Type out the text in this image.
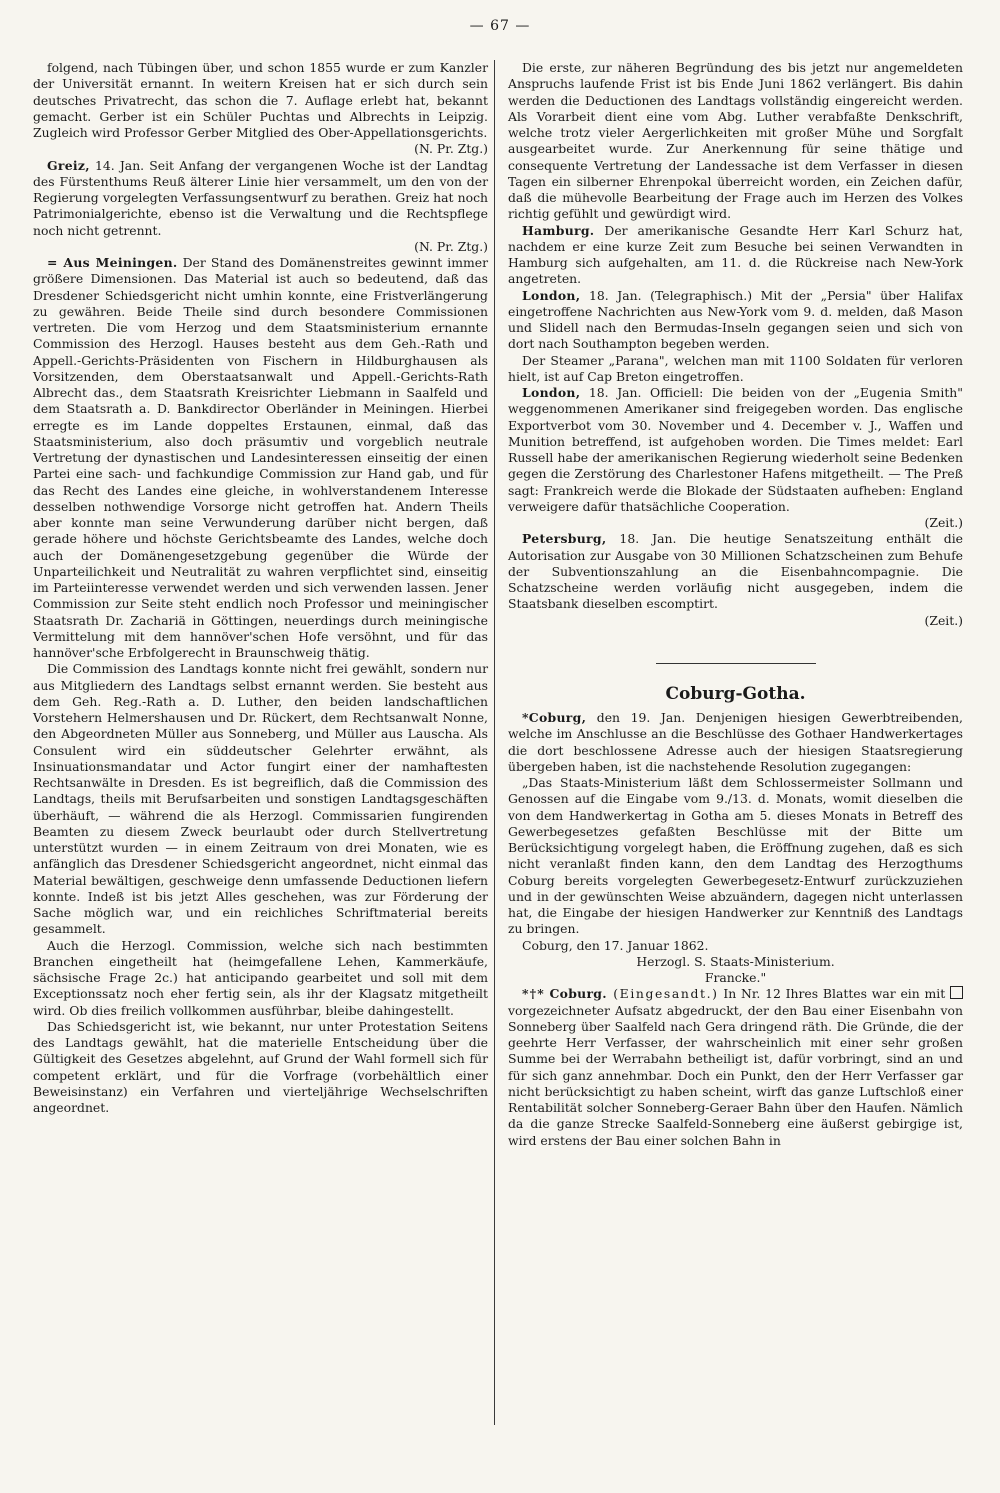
— 67 —

folgend, nach Tübingen über, und schon 1855 wurde er zum Kanzler der Universität ernannt. In weitern Kreisen hat er sich durch sein deutsches Privatrecht, das schon die 7. Auflage erlebt hat, bekannt gemacht. Gerber ist ein Schüler Puchtas und Albrechts in Leipzig. Zugleich wird Professor Gerber Mitglied des Ober-Appellationsgerichts.

(N. Pr. Ztg.)

Greiz, 14. Jan. Seit Anfang der vergangenen Woche ist der Landtag des Fürstenthums Reuß älterer Linie hier versammelt, um den von der Regierung vorgelegten Verfassungsentwurf zu berathen. Greiz hat noch Patrimonialgerichte, ebenso ist die Verwaltung und die Rechtspflege noch nicht getrennt.

(N. Pr. Ztg.)

= Aus Meiningen. Der Stand des Domänenstreites gewinnt immer größere Dimensionen. Das Material ist auch so bedeutend, daß das Dresdener Schiedsgericht nicht umhin konnte, eine Fristverlängerung zu gewähren. Beide Theile sind durch besondere Commissionen vertreten. Die vom Herzog und dem Staatsministerium ernannte Commission des Herzogl. Hauses besteht aus dem Geh.-Rath und Appell.-Gerichts-Präsidenten von Fischern in Hildburghausen als Vorsitzenden, dem Oberstaatsanwalt und Appell.-Gerichts-Rath Albrecht das., dem Staatsrath Kreisrichter Liebmann in Saalfeld und dem Staatsrath a. D. Bankdirector Oberländer in Meiningen. Hierbei erregte es im Lande doppeltes Erstaunen, einmal, daß das Staatsministerium, also doch präsumtiv und vorgeblich neutrale Vertretung der dynastischen und Landesinteressen einseitig der einen Partei eine sach- und fachkundige Commission zur Hand gab, und für das Recht des Landes eine gleiche, in wohlverstandenem Interesse desselben nothwendige Vorsorge nicht getroffen hat. Andern Theils aber konnte man seine Verwunderung darüber nicht bergen, daß gerade höhere und höchste Gerichtsbeamte des Landes, welche doch auch der Domänengesetzgebung gegenüber die Würde der Unparteilichkeit und Neutralität zu wahren verpflichtet sind, einseitig im Parteiinteresse verwendet werden und sich verwenden lassen. Jener Commission zur Seite steht endlich noch Professor und meiningischer Staatsrath Dr. Zachariä in Göttingen, neuerdings durch meiningische Vermittelung mit dem hannöver'schen Hofe versöhnt, und für das hannöver'sche Erbfolgerecht in Braunschweig thätig.

Die Commission des Landtags konnte nicht frei gewählt, sondern nur aus Mitgliedern des Landtags selbst ernannt werden. Sie besteht aus dem Geh. Reg.-Rath a. D. Luther, den beiden landschaftlichen Vorstehern Helmershausen und Dr. Rückert, dem Rechtsanwalt Nonne, den Abgeordneten Müller aus Sonneberg, und Müller aus Lauscha. Als Consulent wird ein süddeutscher Gelehrter erwähnt, als Insinuationsmandatar und Actor fungirt einer der namhaftesten Rechtsanwälte in Dresden. Es ist begreiflich, daß die Commission des Landtags, theils mit Berufsarbeiten und sonstigen Landtagsgeschäften überhäuft, — während die als Herzogl. Commissarien fungirenden Beamten zu diesem Zweck beurlaubt oder durch Stellvertretung unterstützt wurden — in einem Zeitraum von drei Monaten, wie es anfänglich das Dresdener Schiedsgericht angeordnet, nicht einmal das Material bewältigen, geschweige denn umfassende Deductionen liefern konnte. Indeß ist bis jetzt Alles geschehen, was zur Förderung der Sache möglich war, und ein reichliches Schriftmaterial bereits gesammelt.

Auch die Herzogl. Commission, welche sich nach bestimmten Branchen eingetheilt hat (heimgefallene Lehen, Kammerkäufe, sächsische Frage 2c.) hat anticipando gearbeitet und soll mit dem Exceptionssatz noch eher fertig sein, als ihr der Klagsatz mitgetheilt wird. Ob dies freilich vollkommen ausführbar, bleibe dahingestellt.

Das Schiedsgericht ist, wie bekannt, nur unter Protestation Seitens des Landtags gewählt, hat die materielle Entscheidung über die Gültigkeit des Gesetzes abgelehnt, auf Grund der Wahl formell sich für competent erklärt, und für die Vorfrage (vorbehältlich einer Beweisinstanz) ein Verfahren und vierteljährige Wechselschriften angeordnet.

Die erste, zur näheren Begründung des bis jetzt nur angemeldeten Anspruchs laufende Frist ist bis Ende Juni 1862 verlängert. Bis dahin werden die Deductionen des Landtags vollständig eingereicht werden. Als Vorarbeit dient eine vom Abg. Luther verabfaßte Denkschrift, welche trotz vieler Aergerlichkeiten mit großer Mühe und Sorgfalt ausgearbeitet wurde. Zur Anerkennung für seine thätige und consequente Vertretung der Landessache ist dem Verfasser in diesen Tagen ein silberner Ehrenpokal überreicht worden, ein Zeichen dafür, daß die mühevolle Bearbeitung der Frage auch im Herzen des Volkes richtig gefühlt und gewürdigt wird.

Hamburg. Der amerikanische Gesandte Herr Karl Schurz hat, nachdem er eine kurze Zeit zum Besuche bei seinen Verwandten in Hamburg sich aufgehalten, am 11. d. die Rückreise nach New-York angetreten.

London, 18. Jan. (Telegraphisch.) Mit der „Persia" über Halifax eingetroffene Nachrichten aus New-York vom 9. d. melden, daß Mason und Slidell nach den Bermudas-Inseln gegangen seien und sich von dort nach Southampton begeben werden.

Der Steamer „Parana", welchen man mit 1100 Soldaten für verloren hielt, ist auf Cap Breton eingetroffen.

London, 18. Jan. Officiell: Die beiden von der „Eugenia Smith" weggenommenen Amerikaner sind freigegeben worden. Das englische Exportverbot vom 30. November und 4. December v. J., Waffen und Munition betreffend, ist aufgehoben worden. Die Times meldet: Earl Russell habe der amerikanischen Regierung wiederholt seine Bedenken gegen die Zerstörung des Charlestoner Hafens mitgetheilt. — The Preß sagt: Frankreich werde die Blokade der Südstaaten aufheben: England verweigere dafür thatsächliche Cooperation.

(Zeit.)

Petersburg, 18. Jan. Die heutige Senatszeitung enthält die Autorisation zur Ausgabe von 30 Millionen Schatzscheinen zum Behufe der Subventionszahlung an die Eisenbahncompagnie. Die Schatzscheine werden vorläufig nicht ausgegeben, indem die Staatsbank dieselben escomptirt.

(Zeit.)

Coburg-Gotha.

*Coburg, den 19. Jan. Denjenigen hiesigen Gewerbtreibenden, welche im Anschlusse an die Beschlüsse des Gothaer Handwerkertages die dort beschlossene Adresse auch der hiesigen Staatsregierung übergeben haben, ist die nachstehende Resolution zugegangen:

„Das Staats-Ministerium läßt dem Schlossermeister Sollmann und Genossen auf die Eingabe vom 9./13. d. Monats, womit dieselben die von dem Handwerkertag in Gotha am 5. dieses Monats in Betreff des Gewerbegesetzes gefaßten Beschlüsse mit der Bitte um Berücksichtigung vorgelegt haben, die Eröffnung zugehen, daß es sich nicht veranlaßt finden kann, den dem Landtag des Herzogthums Coburg bereits vorgelegten Gewerbegesetz-Entwurf zurückzuziehen und in der gewünschten Weise abzuändern, dagegen nicht unterlassen hat, die Eingabe der hiesigen Handwerker zur Kenntniß des Landtags zu bringen.

Coburg, den 17. Januar 1862.

Herzogl. S. Staats-Ministerium.

Francke."

*†* Coburg. (Eingesandt.) In Nr. 12 Ihres Blattes war ein mit  vorgezeichneter Aufsatz abgedruckt, der den Bau einer Eisenbahn von Sonneberg über Saalfeld nach Gera dringend räth. Die Gründe, die der geehrte Herr Verfasser, der wahrscheinlich mit einer sehr großen Summe bei der Werrabahn betheiligt ist, dafür vorbringt, sind an und für sich ganz annehmbar. Doch ein Punkt, den der Herr Verfasser gar nicht berücksichtigt zu haben scheint, wirft das ganze Luftschloß einer Rentabilität solcher Sonneberg-Geraer Bahn über den Haufen. Nämlich da die ganze Strecke Saalfeld-Sonneberg eine äußerst gebirgige ist, wird erstens der Bau einer solchen Bahn in
